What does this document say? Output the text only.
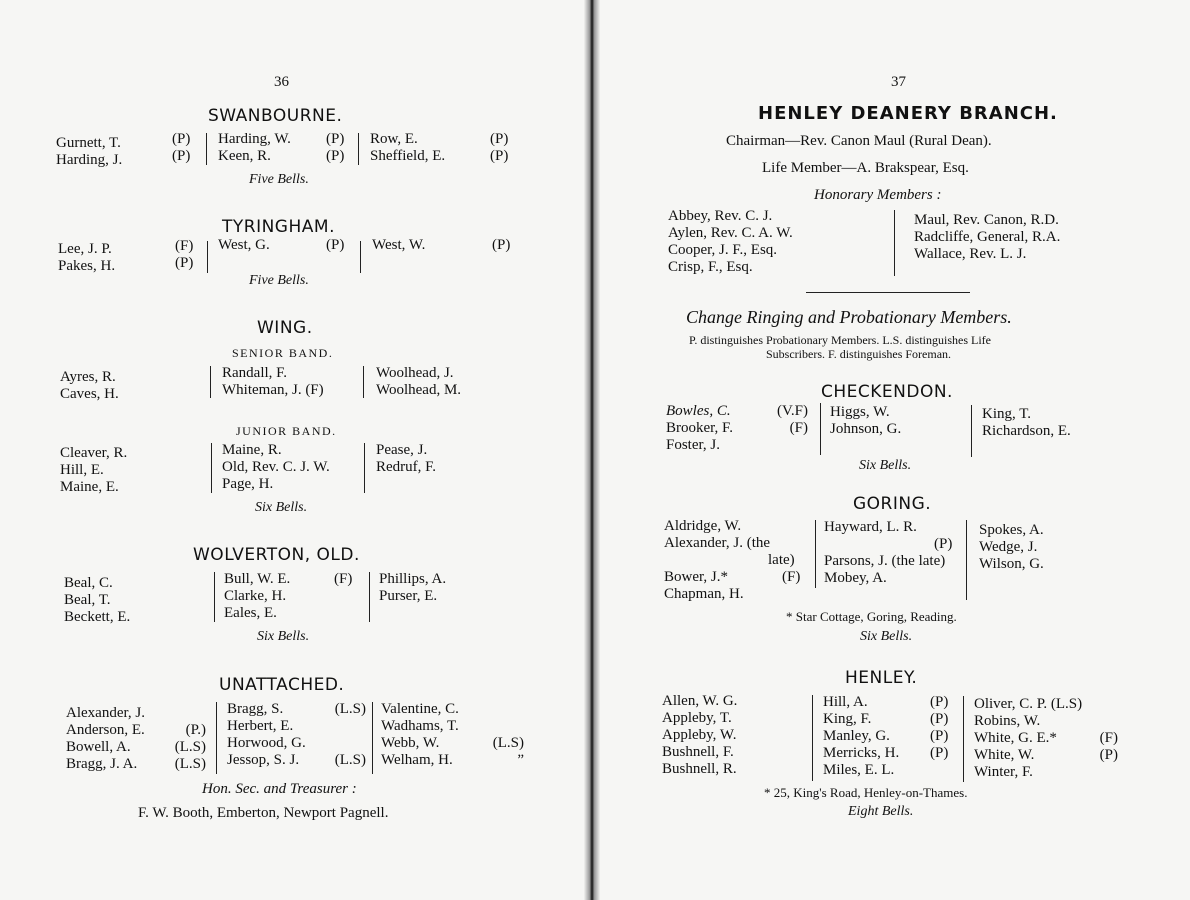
36
SWANBOURNE.
Gurnett, T.
Harding, J.
(P)
(P)
Harding, W.
Keen, R.
(P)
(P)
Row, E.
Sheffield, E.
(P)
(P)
Five Bells.
TYRINGHAM.
Lee, J. P.
Pakes, H.
(F)
(P)
West, G.	(P) West, W.	(P)
Five Bells.
WING.
SENIOR BAND.
Ayres, R.
Caves, H.
Randall, F.
Whiteman, J. (F)
Woolhead, J.
Woolhead, M.
JUNIOR BAND.
Cleaver, R.
Hill, E.
Maine, E.
Maine, R.
Old, Rev. C. J. W.
Page, H.
Pease, J.
Redruf, F.
Six Bells.
WOLVERTON, OLD.
Beal, C.
Beal, T.
Beckett, E.
Bull, W. E.
Clarke, H.
Eales, E.
(F) Phillips, A.
Purser, E.
Six Bells.
UNATTACHED.
Alexander, J.
Anderson, E.
Bowell, A.
Bragg, J. A.

(P.)
(L.S)
(L.S)
Bragg, S.
Herbert, E.
Horwood, G.
Jessop, S. J.
(L.S)

(L.S)
Valentine, C.
Wadhams, T.
Webb, W.
Welham, H.

(L.S)
”
Hon. Sec. and Treasurer :
F. W. Booth, Emberton, Newport Pagnell.
37
HENLEY DEANERY BRANCH.
Chairman—Rev. Canon Maul (Rural Dean).
Life Member—A. Brakspear, Esq.
Honorary Members :
Abbey, Rev. C. J.
Aylen, Rev. C. A. W.
Cooper, J. F., Esq.
Crisp, F., Esq.
Maul, Rev. Canon, R.D.
Radcliffe, General, R.A.
Wallace, Rev. L. J.
Change Ringing and Probationary Members.
P. distinguishes Probationary Members. L.S. distinguishes Life
Subscribers. F. distinguishes Foreman.
CHECKENDON.
Bowles, C.
Brooker, F.
Foster, J.
(V.F)
(F)
Higgs, W.
Johnson, G.
King, T.
Richardson, E.
Six Bells.
GORING.
Aldridge, W.
Alexander, J. (the
late)
Bower, J.*
Chapman, H.
(F)
Hayward, L. R.
(P)
Parsons, J. (the late)
Mobey, A.
Spokes, A.
Wedge, J.
Wilson, G.
* Star Cottage, Goring, Reading.
Six Bells.
HENLEY.
Allen, W. G.
Appleby, T.
Appleby, W.
Bushnell, F.
Bushnell, R.
Hill, A.
King, F.
Manley, G.
Merricks, H.
Miles, E. L.
(P)
(P)
(P)
(P)
Oliver, C. P. (L.S)
Robins, W.
White, G. E.*
White, W.
Winter, F.

(F)
(P)
* 25, King's Road, Henley-on-Thames.
Eight Bells.
